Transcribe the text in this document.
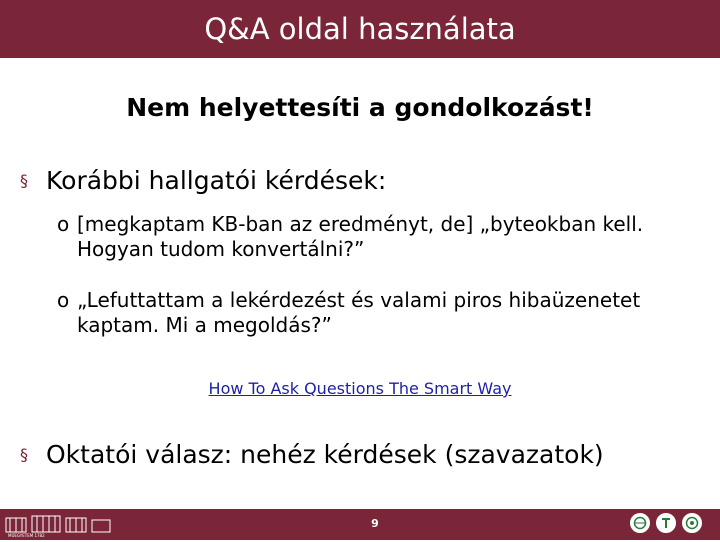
Q&A oldal használata
Nem helyettesíti a gondolkozást!
§ Korábbi hallgatói kérdések:
o [megkaptam KB-ban az eredményt, de] „byteokban kell. Hogyan tudom konvertálni?”
o „Lefuttattam a lekérdezést és valami piros hibaüzenetet kaptam. Mi a megoldás?”
How To Ask Questions The Smart Way
§ Oktatói válasz: nehéz kérdések (szavazatok)
MŰEGYETEM 1782
9
